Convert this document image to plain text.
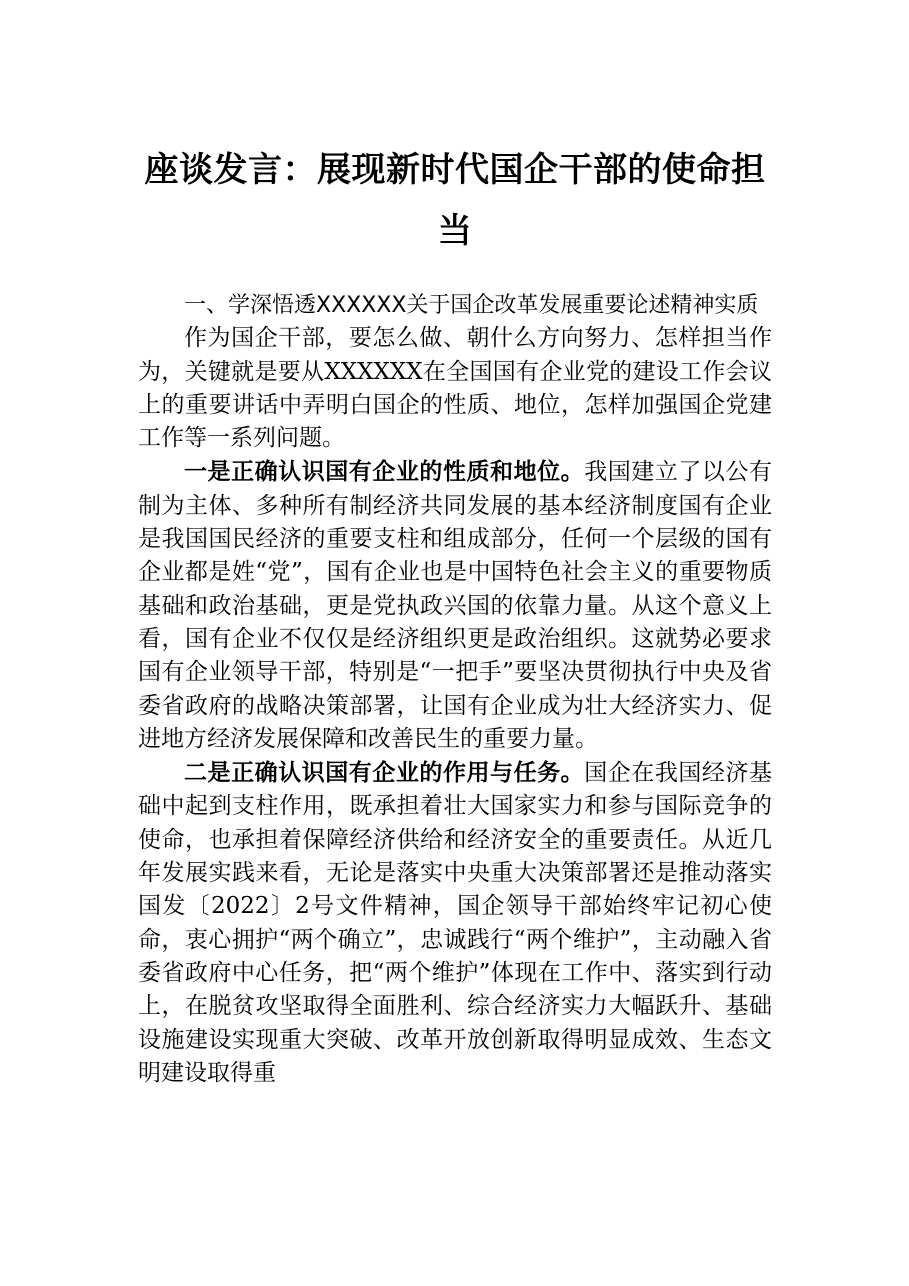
座谈发言：展现新时代国企干部的使命担当

一、学深悟透XXXXXX关于国企改革发展重要论述精神实质

作为国企干部，要怎么做、朝什么方向努力、怎样担当作为，关键就是要从XXXXXX在全国国有企业党的建设工作会议上的重要讲话中弄明白国企的性质、地位，怎样加强国企党建工作等一系列问题。

一是正确认识国有企业的性质和地位。我国建立了以公有制为主体、多种所有制经济共同发展的基本经济制度国有企业是我国国民经济的重要支柱和组成部分，任何一个层级的国有企业都是姓“党”，国有企业也是中国特色社会主义的重要物质基础和政治基础，更是党执政兴国的依靠力量。从这个意义上看，国有企业不仅仅是经济组织更是政治组织。这就势必要求国有企业领导干部，特别是“一把手”要坚决贯彻执行中央及省委省政府的战略决策部署，让国有企业成为壮大经济实力、促进地方经济发展保障和改善民生的重要力量。

二是正确认识国有企业的作用与任务。国企在我国经济基础中起到支柱作用，既承担着壮大国家实力和参与国际竞争的使命，也承担着保障经济供给和经济安全的重要责任。从近几年发展实践来看，无论是落实中央重大决策部署还是推动落实国发〔2022〕2号文件精神，国企领导干部始终牢记初心使命，衷心拥护“两个确立”，忠诚践行“两个维护”，主动融入省委省政府中心任务，把“两个维护”体现在工作中、落实到行动上，在脱贫攻坚取得全面胜利、综合经济实力大幅跃升、基础设施建设实现重大突破、改革开放创新取得明显成效、生态文明建设取得重
